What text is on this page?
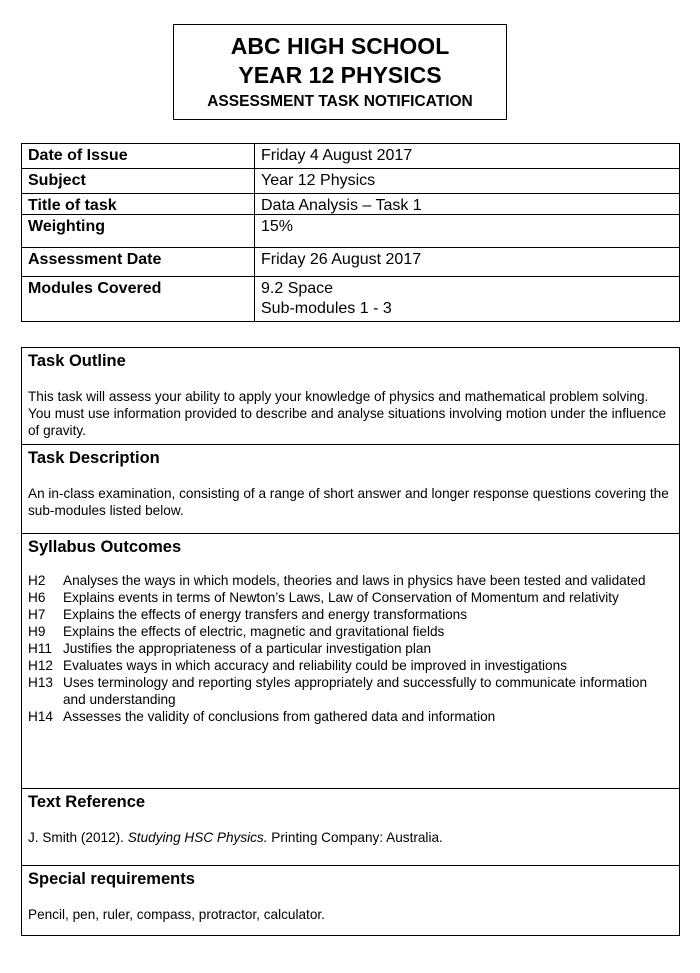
ABC HIGH SCHOOL
YEAR 12 PHYSICS
ASSESSMENT TASK NOTIFICATION
Date of Issue	Friday 4 August 2017
Subject	Year 12 Physics
Title of task	Data Analysis – Task 1
Weighting	15%
Assessment Date	Friday 26 August 2017
Modules Covered	9.2 Space
Sub-modules 1 - 3
Task Outline
This task will assess your ability to apply your knowledge of physics and mathematical problem solving. You must use information provided to describe and analyse situations involving motion under the influence of gravity.
Task Description
An in-class examination, consisting of a range of short answer and longer response questions covering the sub-modules listed below.
Syllabus Outcomes
H2	Analyses the ways in which models, theories and laws in physics have been tested and validated
H6	Explains events in terms of Newton’s Laws, Law of Conservation of Momentum and relativity
H7	Explains the effects of energy transfers and energy transformations
H9	Explains the effects of electric, magnetic and gravitational fields
H11 Justifies the appropriateness of a particular investigation plan
H12 Evaluates ways in which accuracy and reliability could be improved in investigations
H13 Uses terminology and reporting styles appropriately and successfully to communicate information and understanding
H14 Assesses the validity of conclusions from gathered data and information
Text Reference
J. Smith (2012). Studying HSC Physics. Printing Company: Australia.
Special requirements
Pencil, pen, ruler, compass, protractor, calculator.
